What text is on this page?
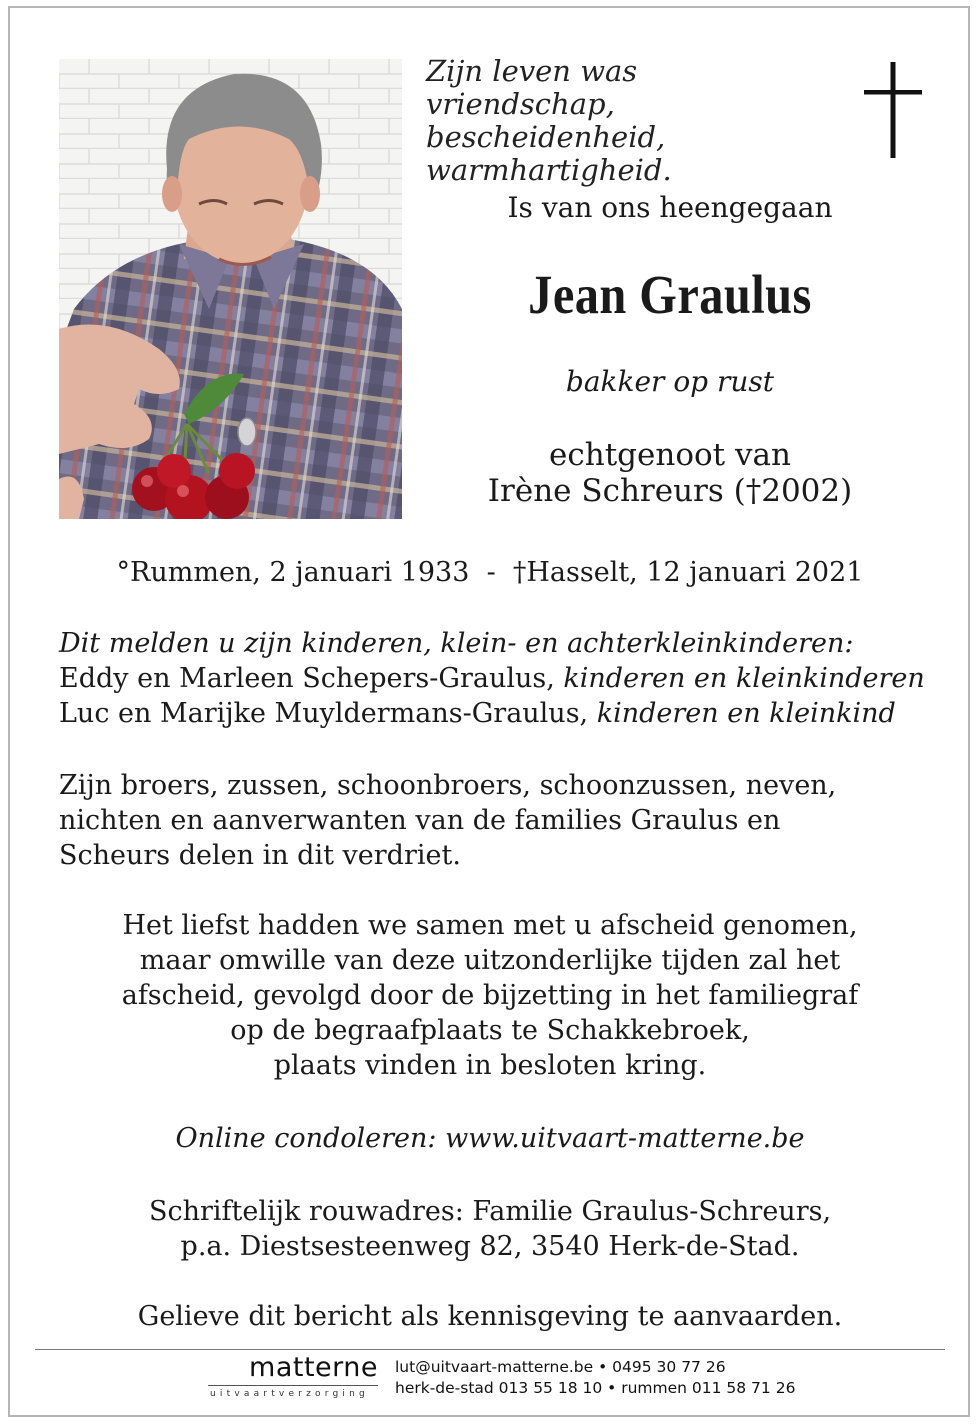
Zijn leven was
vriendschap, bescheidenheid,
warmhartigheid.
Is van ons heengegaan
Jean Graulus
bakker op rust
echtgenoot van
Irène Schreurs (†2002)
°Rummen, 2 januari 1933  -  †Hasselt, 12 januari 2021
Dit melden u zijn kinderen, klein- en achterkleinkinderen:
Eddy en Marleen Schepers-Graulus, kinderen en kleinkinderen
Luc en Marijke Muyldermans-Graulus, kinderen en kleinkind
Zijn broers, zussen, schoonbroers, schoonzussen, neven,
nichten en aanverwanten van de families Graulus en
Scheurs delen in dit verdriet.
Het liefst hadden we samen met u afscheid genomen,
maar omwille van deze uitzonderlijke tijden zal het
afscheid, gevolgd door de bijzetting in het familiegraf
op de begraafplaats te Schakkebroek,
plaats vinden in besloten kring.
Online condoleren: www.uitvaart-matterne.be
Schriftelijk rouwadres: Familie Graulus-Schreurs,
p.a. Diestsesteenweg 82, 3540 Herk-de-Stad.
Gelieve dit bericht als kennisgeving te aanvaarden.
matterne
uitvaartverzorging
lut@uitvaart-matterne.be • 0495 30 77 26
herk-de-stad 013 55 18 10 • rummen 011 58 71 26
